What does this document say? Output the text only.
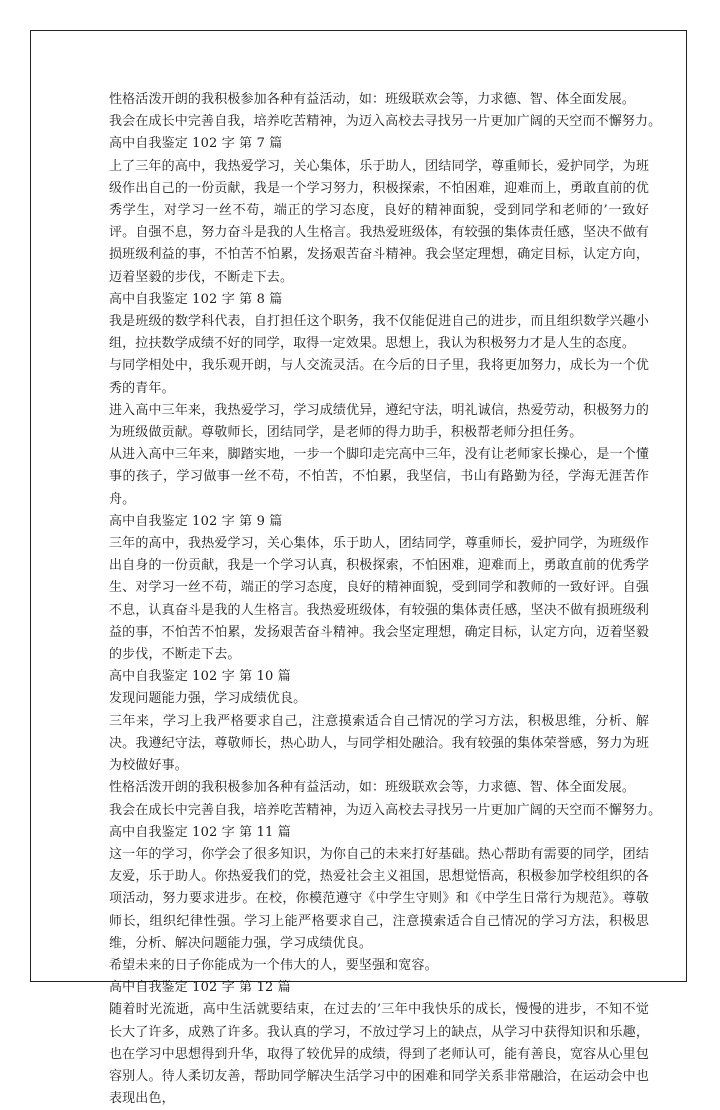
性格活泼开朗的我积极参加各种有益活动，如：班级联欢会等，力求德、智、体全面发展。

我会在成长中完善自我，培养吃苦精神，为迈入高校去寻找另一片更加广阔的天空而不懈努力。

高中自我鉴定 102 字 第 7 篇

上了三年的高中，我热爱学习，关心集体，乐于助人，团结同学，尊重师长，爱护同学，为班级作出自己的一份贡献，我是一个学习努力，积极探索，不怕困难，迎难而上，勇敢直前的优秀学生，对学习一丝不苟，端正的学习态度，良好的精神面貌，受到同学和老师的’一致好评。自强不息，努力奋斗是我的人生格言。我热爱班级体，有较强的集体责任感，坚决不做有损班级利益的事，不怕苦不怕累，发扬艰苦奋斗精神。我会坚定理想，确定目标，认定方向，迈着坚毅的步伐，不断走下去。

高中自我鉴定 102 字 第 8 篇

我是班级的数学科代表，自打担任这个职务，我不仅能促进自己的进步，而且组织数学兴趣小组，拉扶数学成绩不好的同学，取得一定效果。思想上，我认为积极努力才是人生的态度。

与同学相处中，我乐观开朗，与人交流灵活。在今后的日子里，我将更加努力，成长为一个优秀的青年。

进入高中三年来，我热爱学习，学习成绩优异，遵纪守法，明礼诚信，热爱劳动，积极努力的为班级做贡献。尊敬师长，团结同学，是老师的得力助手，积极帮老师分担任务。

从进入高中三年来，脚踏实地，一步一个脚印走完高中三年，没有让老师家长操心，是一个懂事的孩子，学习做事一丝不苟，不怕苦，不怕累，我坚信，书山有路勤为径，学海无涯苦作舟。

高中自我鉴定 102 字 第 9 篇

三年的高中，我热爱学习，关心集体，乐于助人，团结同学，尊重师长，爱护同学，为班级作出自身的一份贡献，我是一个学习认真，积极探索，不怕困难，迎难而上，勇敢直前的优秀学生、对学习一丝不苟，端正的学习态度，良好的精神面貌，受到同学和教师的一致好评。自强不息，认真奋斗是我的人生格言。我热爱班级体，有较强的集体责任感，坚决不做有损班级利益的事，不怕苦不怕累，发扬艰苦奋斗精神。我会坚定理想，确定目标，认定方向，迈着坚毅的步伐，不断走下去。

高中自我鉴定 102 字 第 10 篇

发现问题能力强，学习成绩优良。

三年来，学习上我严格要求自己，注意摸索适合自己情况的学习方法，积极思维，分析、解决。我遵纪守法，尊敬师长，热心助人，与同学相处融洽。我有较强的集体荣誉感，努力为班为校做好事。

性格活泼开朗的我积极参加各种有益活动，如：班级联欢会等，力求德、智、体全面发展。

我会在成长中完善自我，培养吃苦精神，为迈入高校去寻找另一片更加广阔的天空而不懈努力。

高中自我鉴定 102 字 第 11 篇

这一年的学习，你学会了很多知识，为你自己的未来打好基础。热心帮助有需要的同学，团结友爱，乐于助人。你热爱我们的党，热爱社会主义祖国，思想觉悟高，积极参加学校组织的各项活动，努力要求进步。在校，你模范遵守《中学生守则》和《中学生日常行为规范》。尊敬师长，组织纪律性强。学习上能严格要求自己，注意摸索适合自己情况的学习方法，积极思维，分析、解决问题能力强，学习成绩优良。

希望未来的日子你能成为一个伟大的人，要坚强和宽容。

高中自我鉴定 102 字 第 12 篇

随着时光流逝，高中生活就要结束，在过去的’三年中我快乐的成长，慢慢的进步，不知不觉长大了许多，成熟了许多。我认真的学习，不放过学习上的缺点，从学习中获得知识和乐趣，也在学习中思想得到升华，取得了较优异的成绩，得到了老师认可，能有善良，宽容从心里包容别人。待人柔切友善，帮助同学解决生活学习中的困难和同学关系非常融洽，在运动会中也表现出色，
